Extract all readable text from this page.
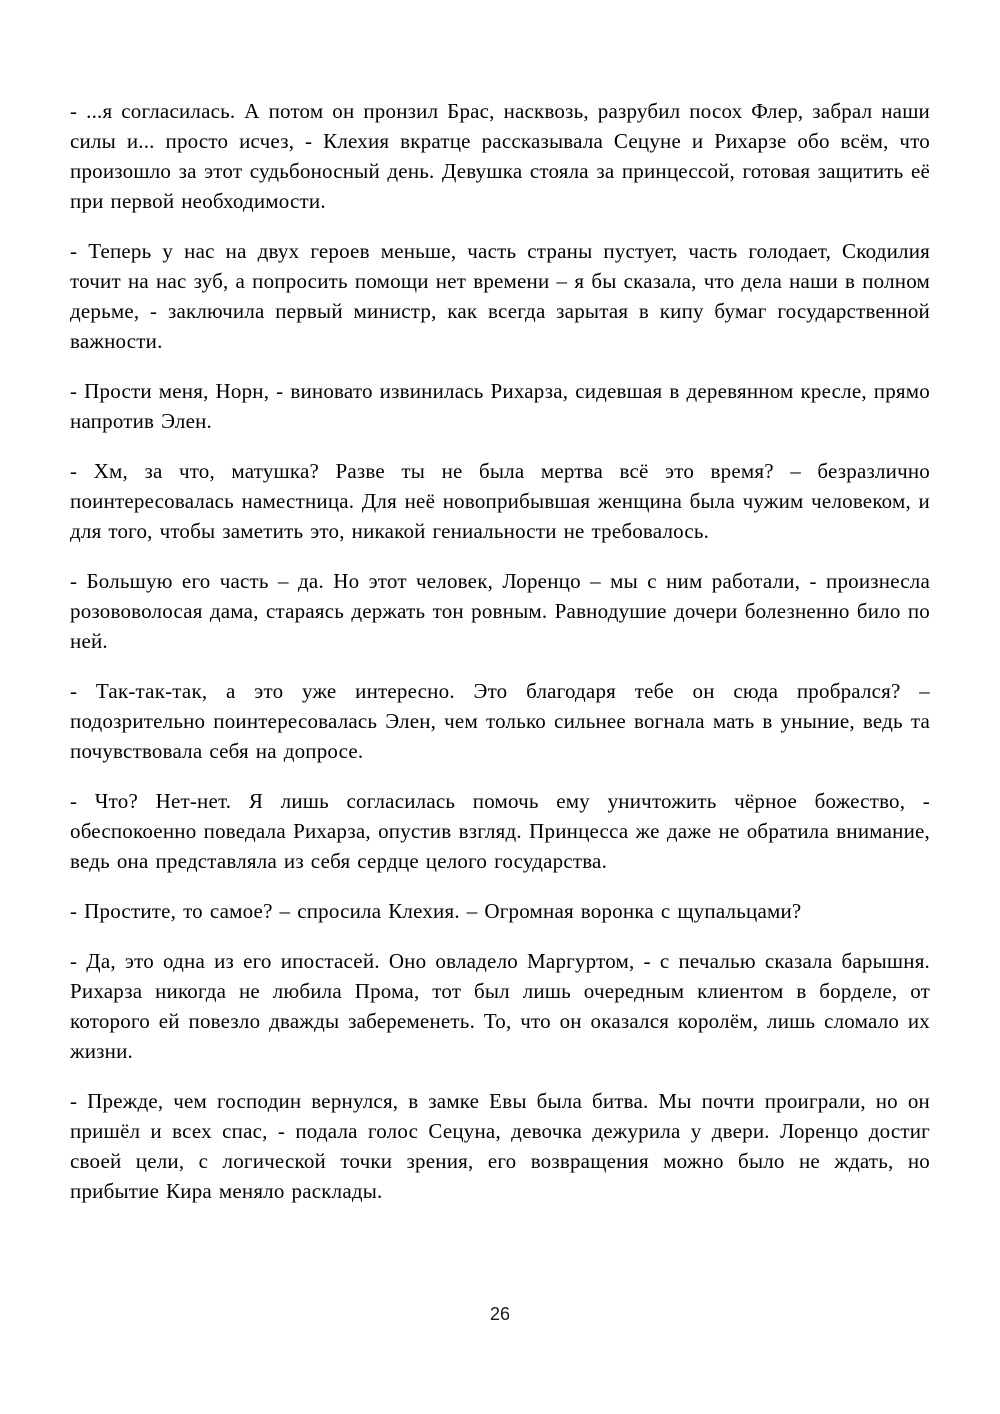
- ...я согласилась. А потом он пронзил Брас, насквозь, разрубил посох Флер, забрал наши силы и... просто исчез, - Клехия вкратце рассказывала Сецуне и Рихарзе обо всём, что произошло за этот судьбоносный день. Девушка стояла за принцессой, готовая защитить её при первой необходимости.

- Теперь у нас на двух героев меньше, часть страны пустует, часть голодает, Скодилия точит на нас зуб, а попросить помощи нет времени – я бы сказала, что дела наши в полном дерьме, - заключила первый министр, как всегда зарытая в кипу бумаг государственной важности.

- Прости меня, Норн, - виновато извинилась Рихарза, сидевшая в деревянном кресле, прямо напротив Элен.

- Хм, за что, матушка? Разве ты не была мертва всё это время? – безразлично поинтересовалась наместница. Для неё новоприбывшая женщина была чужим человеком, и для того, чтобы заметить это, никакой гениальности не требовалось.

- Большую его часть – да. Но этот человек, Лоренцо – мы с ним работали, - произнесла розововолосая дама, стараясь держать тон ровным. Равнодушие дочери болезненно било по ней.

- Так-так-так, а это уже интересно. Это благодаря тебе он сюда пробрался? – подозрительно поинтересовалась Элен, чем только сильнее вогнала мать в уныние, ведь та почувствовала себя на допросе.

- Что? Нет-нет. Я лишь согласилась помочь ему уничтожить чёрное божество, - обеспокоенно поведала Рихарза, опустив взгляд. Принцесса же даже не обратила внимание, ведь она представляла из себя сердце целого государства.

- Простите, то самое? – спросила Клехия. – Огромная воронка с щупальцами?

- Да, это одна из его ипостасей. Оно овладело Маргуртом, - с печалью сказала барышня. Рихарза никогда не любила Прома, тот был лишь очередным клиентом в борделе, от которого ей повезло дважды забеременеть. То, что он оказался королём, лишь сломало их жизни.

- Прежде, чем господин вернулся, в замке Евы была битва. Мы почти проиграли, но он пришёл и всех спас, - подала голос Сецуна, девочка дежурила у двери. Лоренцо достиг своей цели, с логической точки зрения, его возвращения можно было не ждать, но прибытие Кира меняло расклады.

26
